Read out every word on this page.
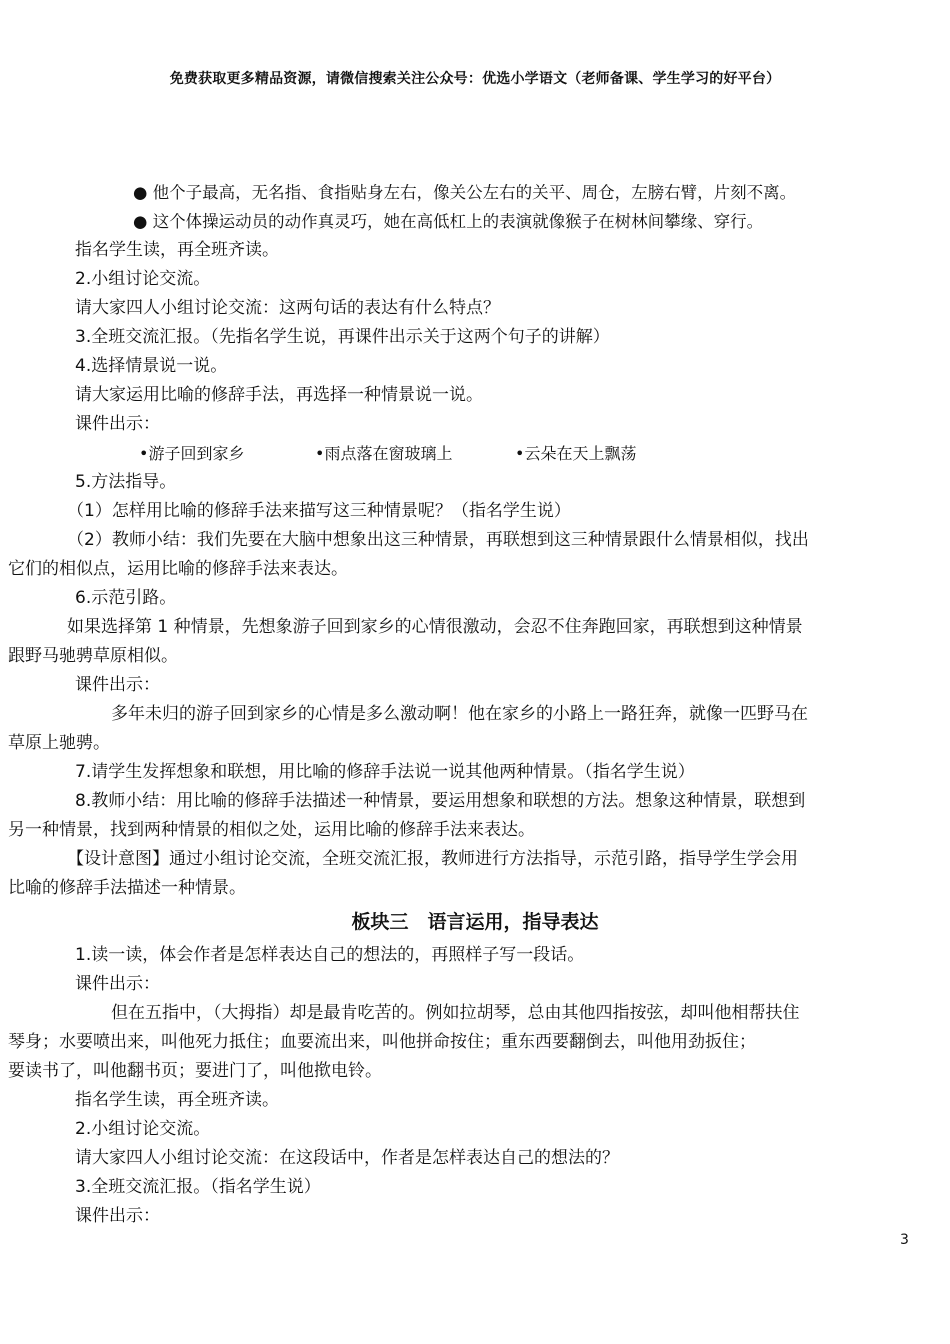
免费获取更多精品资源，请微信搜索关注公众号：优选小学语文（老师备课、学生学习的好平台）
● 他个子最高，无名指、食指贴身左右，像关公左右的关平、周仓，左膀右臂，片刻不离。
● 这个体操运动员的动作真灵巧，她在高低杠上的表演就像猴子在树林间攀缘、穿行。
指名学生读，再全班齐读。
2.小组讨论交流。
请大家四人小组讨论交流：这两句话的表达有什么特点？
3.全班交流汇报。（先指名学生说，再课件出示关于这两个句子的讲解）
4.选择情景说一说。
请大家运用比喻的修辞手法，再选择一种情景说一说。
课件出示：
•游子回到家乡	•雨点落在窗玻璃上	•云朵在天上飘荡
5.方法指导。
（1）怎样用比喻的修辞手法来描写这三种情景呢？（指名学生说）
（2）教师小结：我们先要在大脑中想象出这三种情景，再联想到这三种情景跟什么情景相似，找出
它们的相似点，运用比喻的修辞手法来表达。
6.示范引路。
如果选择第 1 种情景，先想象游子回到家乡的心情很激动，会忍不住奔跑回家，再联想到这种情景
跟野马驰骋草原相似。
课件出示：
多年未归的游子回到家乡的心情是多么激动啊！他在家乡的小路上一路狂奔，就像一匹野马在
草原上驰骋。
7.请学生发挥想象和联想，用比喻的修辞手法说一说其他两种情景。（指名学生说）
8.教师小结：用比喻的修辞手法描述一种情景，要运用想象和联想的方法。想象这种情景，联想到
另一种情景，找到两种情景的相似之处，运用比喻的修辞手法来表达。
【设计意图】通过小组讨论交流，全班交流汇报，教师进行方法指导，示范引路，指导学生学会用
比喻的修辞手法描述一种情景。
板块三　语言运用，指导表达
1.读一读，体会作者是怎样表达自己的想法的，再照样子写一段话。
课件出示：
但在五指中，（大拇指）却是最肯吃苦的。例如拉胡琴，总由其他四指按弦，却叫他相帮扶住
琴身；水要喷出来，叫他死力抵住；血要流出来，叫他拼命按住；重东西要翻倒去，叫他用劲扳住；
要读书了，叫他翻书页；要进门了，叫他揿电铃。
指名学生读，再全班齐读。
2.小组讨论交流。
请大家四人小组讨论交流：在这段话中，作者是怎样表达自己的想法的？
3.全班交流汇报。（指名学生说）
课件出示：
3
